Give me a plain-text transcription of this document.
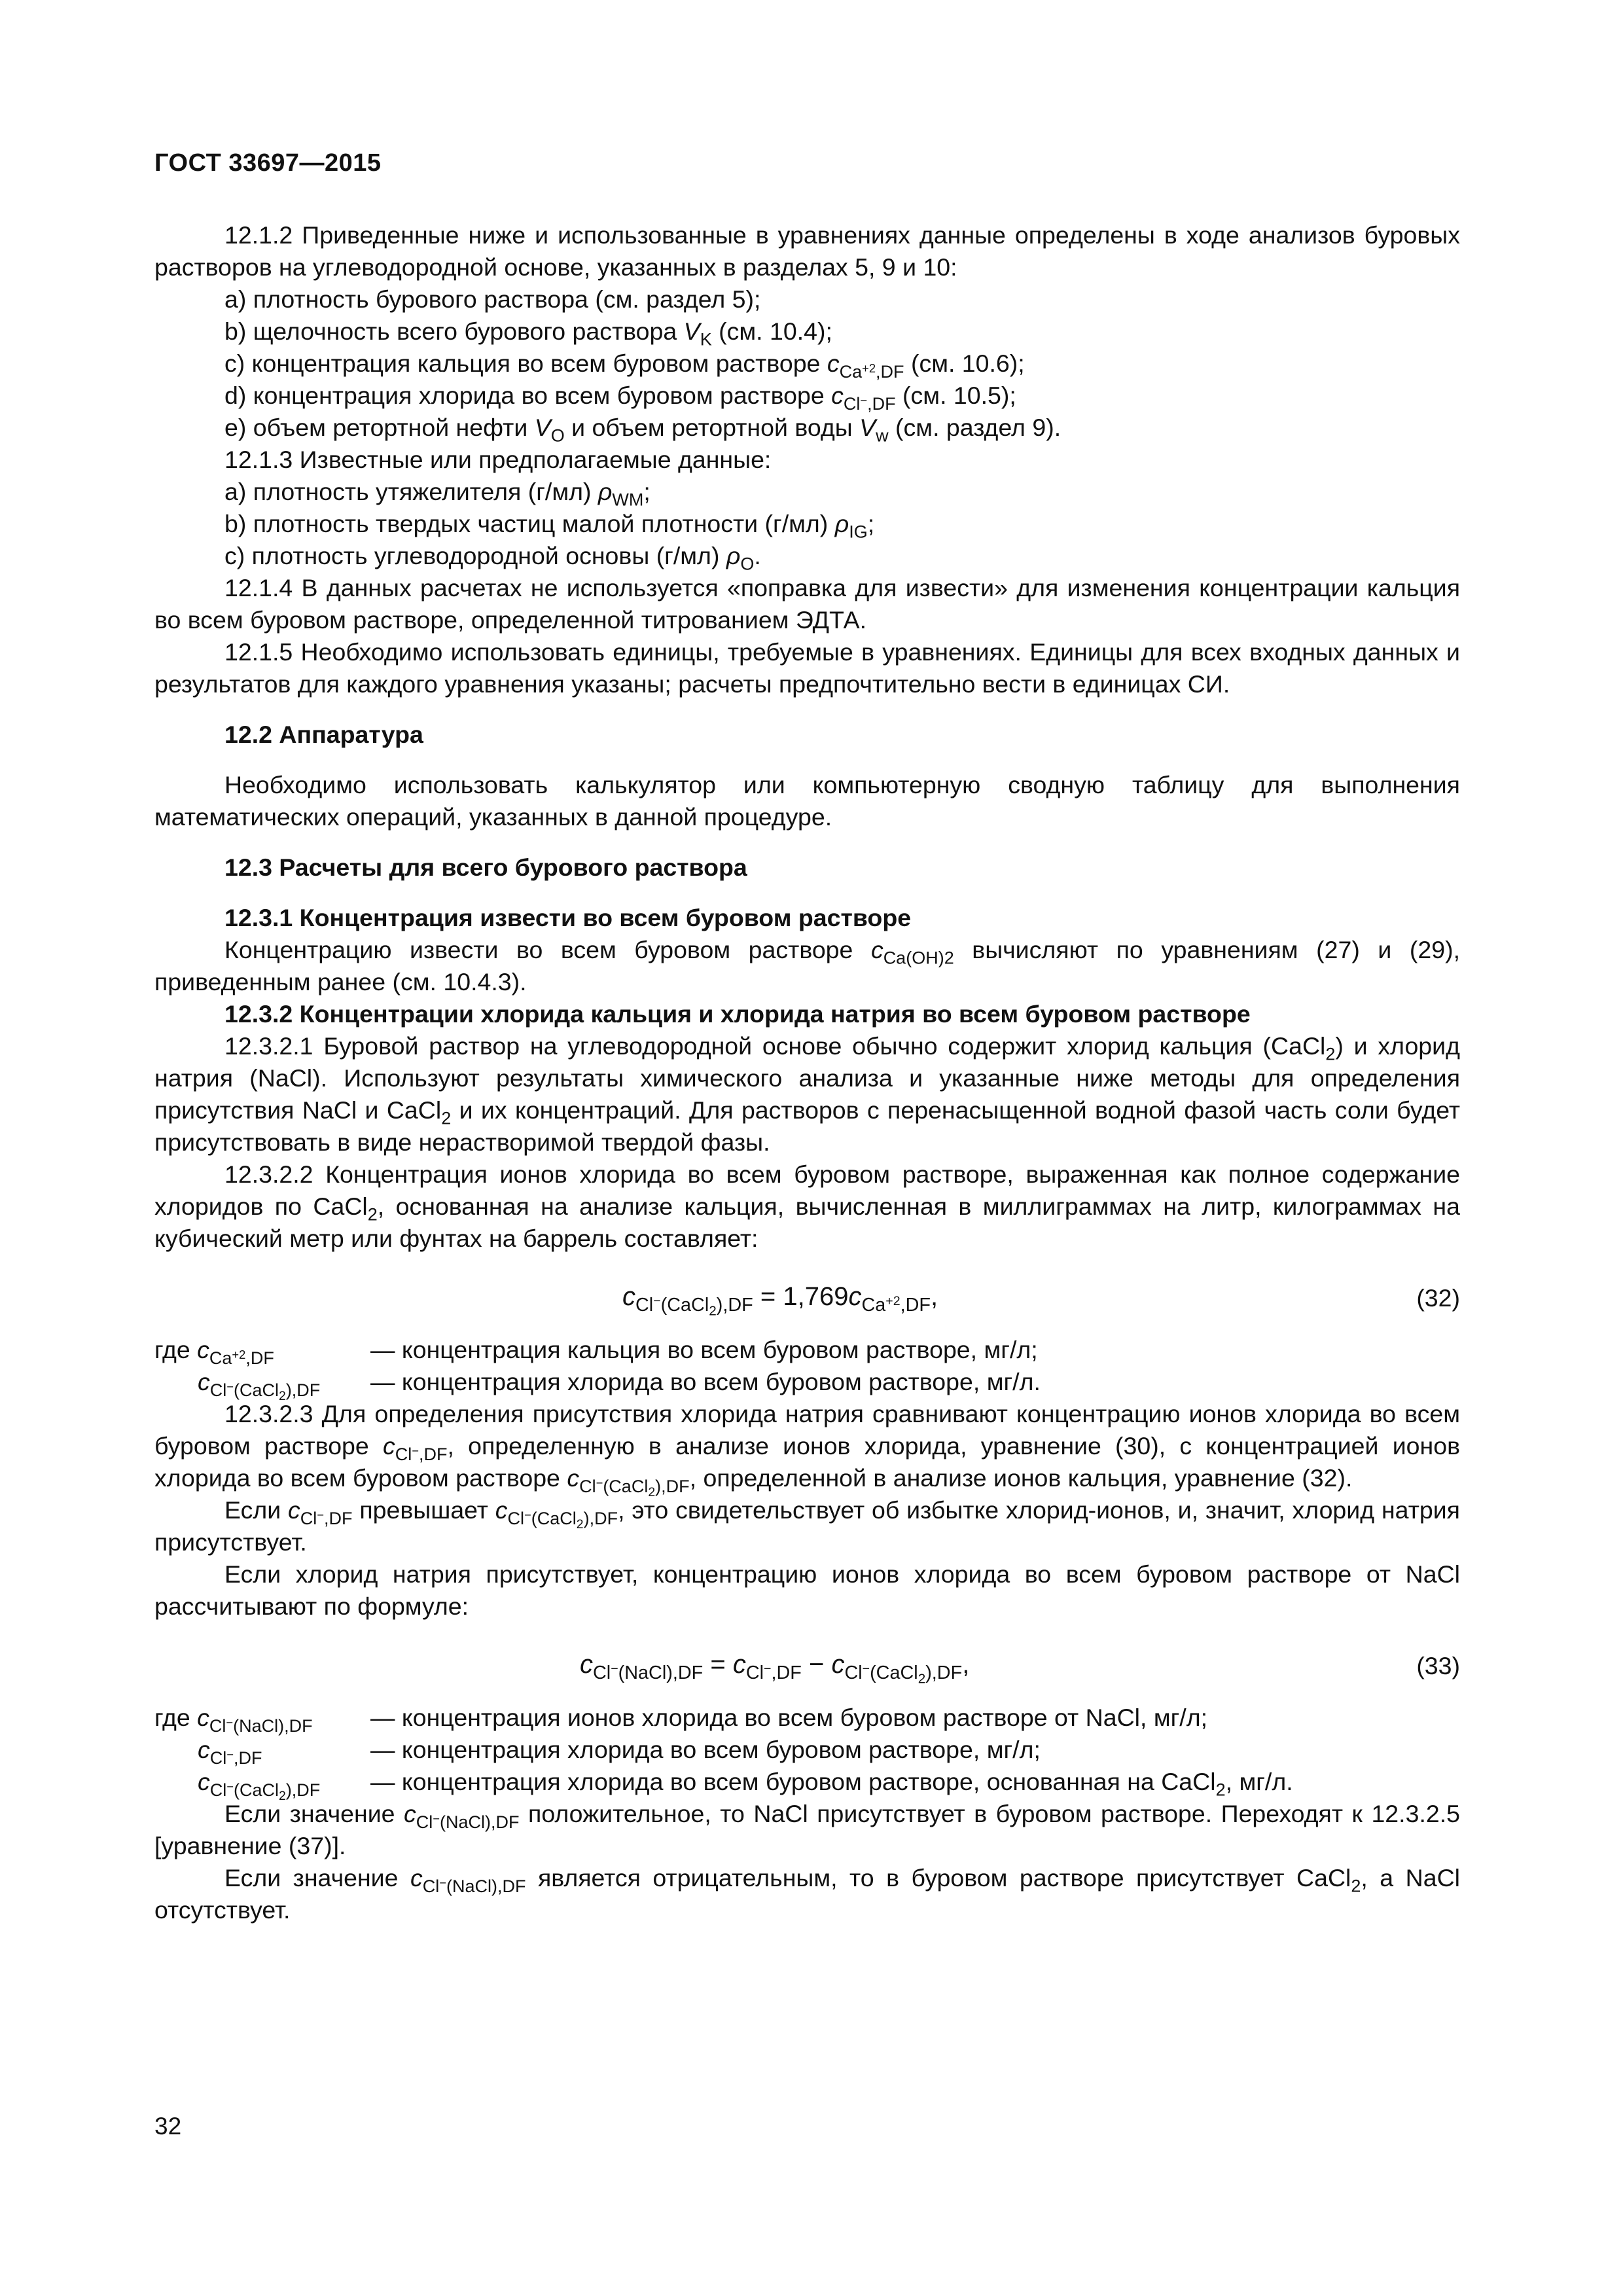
ГОСТ 33697—2015

12.1.2 Приведенные ниже и использованные в уравнениях данные определены в ходе анализов буровых растворов на углеводородной основе, указанных в разделах 5, 9 и 10:

a) плотность бурового раствора (см. раздел 5);

b) щелочность всего бурового раствора $V_K$ (см. 10.4);

c) концентрация кальция во всем буровом растворе $c_{Ca^{+2},DF}$ (см. 10.6);

d) концентрация хлорида во всем буровом растворе $c_{Cl^-,DF}$ (см. 10.5);

e) объем ретортной нефти $V_O$ и объем ретортной воды $V_w$ (см. раздел 9).

12.1.3 Известные или предполагаемые данные:

a) плотность утяжелителя (г/мл) $\rho_{WM}$;

b) плотность твердых частиц малой плотности (г/мл) $\rho_{IG}$;

c) плотность углеводородной основы (г/мл) $\rho_O$.

12.1.4 В данных расчетах не используется «поправка для извести» для изменения концентрации кальция во всем буровом растворе, определенной титрованием ЭДТА.

12.1.5 Необходимо использовать единицы, требуемые в уравнениях. Единицы для всех входных данных и результатов для каждого уравнения указаны; расчеты предпочтительно вести в единицах СИ.

12.2 Аппаратура

Необходимо использовать калькулятор или компьютерную сводную таблицу для выполнения математических операций, указанных в данной процедуре.

12.3 Расчеты для всего бурового раствора

12.3.1 Концентрация извести во всем буровом растворе

Концентрацию извести во всем буровом растворе $c_{Ca(OH)2}$ вычисляют по уравнениям (27) и (29), приведенным ранее (см. 10.4.3).

12.3.2 Концентрации хлорида кальция и хлорида натрия во всем буровом растворе

12.3.2.1 Буровой раствор на углеводородной основе обычно содержит хлорид кальция (CaCl$_2$) и хлорид натрия (NaCl). Используют результаты химического анализа и указанные ниже методы для определения присутствия NaCl и CaCl$_2$ и их концентраций. Для растворов с перенасыщенной водной фазой часть соли будет присутствовать в виде нерастворимой твердой фазы.

12.3.2.2 Концентрация ионов хлорида во всем буровом растворе, выраженная как полное содержание хлоридов по CaCl$_2$, основанная на анализе кальция, вычисленная в миллиграммах на литр, килограммах на кубический метр или фунтах на баррель составляет:

$c_{Cl^-(CaCl_2),DF} = 1,769c_{Ca^{+2},DF}$,	(32)
где $c_{Ca^{+2},DF}$	— концентрация кальция во всем буровом растворе, мг/л;
$c_{Cl^-(CaCl_2),DF}$	— концентрация хлорида во всем буровом растворе, мг/л.

12.3.2.3 Для определения присутствия хлорида натрия сравнивают концентрацию ионов хлорида во всем буровом растворе $c_{Cl^-,DF}$, определенную в анализе ионов хлорида, уравнение (30), с концентрацией ионов хлорида во всем буровом растворе $c_{Cl^-(CaCl_2),DF}$, определенной в анализе ионов кальция, уравнение (32).

Если $c_{Cl^-,DF}$ превышает $c_{Cl^-(CaCl_2),DF}$, это свидетельствует об избытке хлорид-ионов, и, значит, хлорид натрия присутствует.

Если хлорид натрия присутствует, концентрацию ионов хлорида во всем буровом растворе от NaCl рассчитывают по формуле:

$c_{Cl^-(NaCl),DF} = c_{Cl^-,DF} - c_{Cl^-(CaCl_2),DF}$,	(33)
где $c_{Cl^-(NaCl),DF}$	— концентрация ионов хлорида во всем буровом растворе от NaCl, мг/л;
$c_{Cl^-,DF}$	— концентрация хлорида во всем буровом растворе, мг/л;
$c_{Cl^-(CaCl_2),DF}$	— концентрация хлорида во всем буровом растворе, основанная на CaCl$_2$, мг/л.

Если значение $c_{Cl^-(NaCl),DF}$ положительное, то NaCl присутствует в буровом растворе. Переходят к 12.3.2.5 [уравнение (37)].

Если значение $c_{Cl^-(NaCl),DF}$ является отрицательным, то в буровом растворе присутствует CaCl$_2$, а NaCl отсутствует.

32
